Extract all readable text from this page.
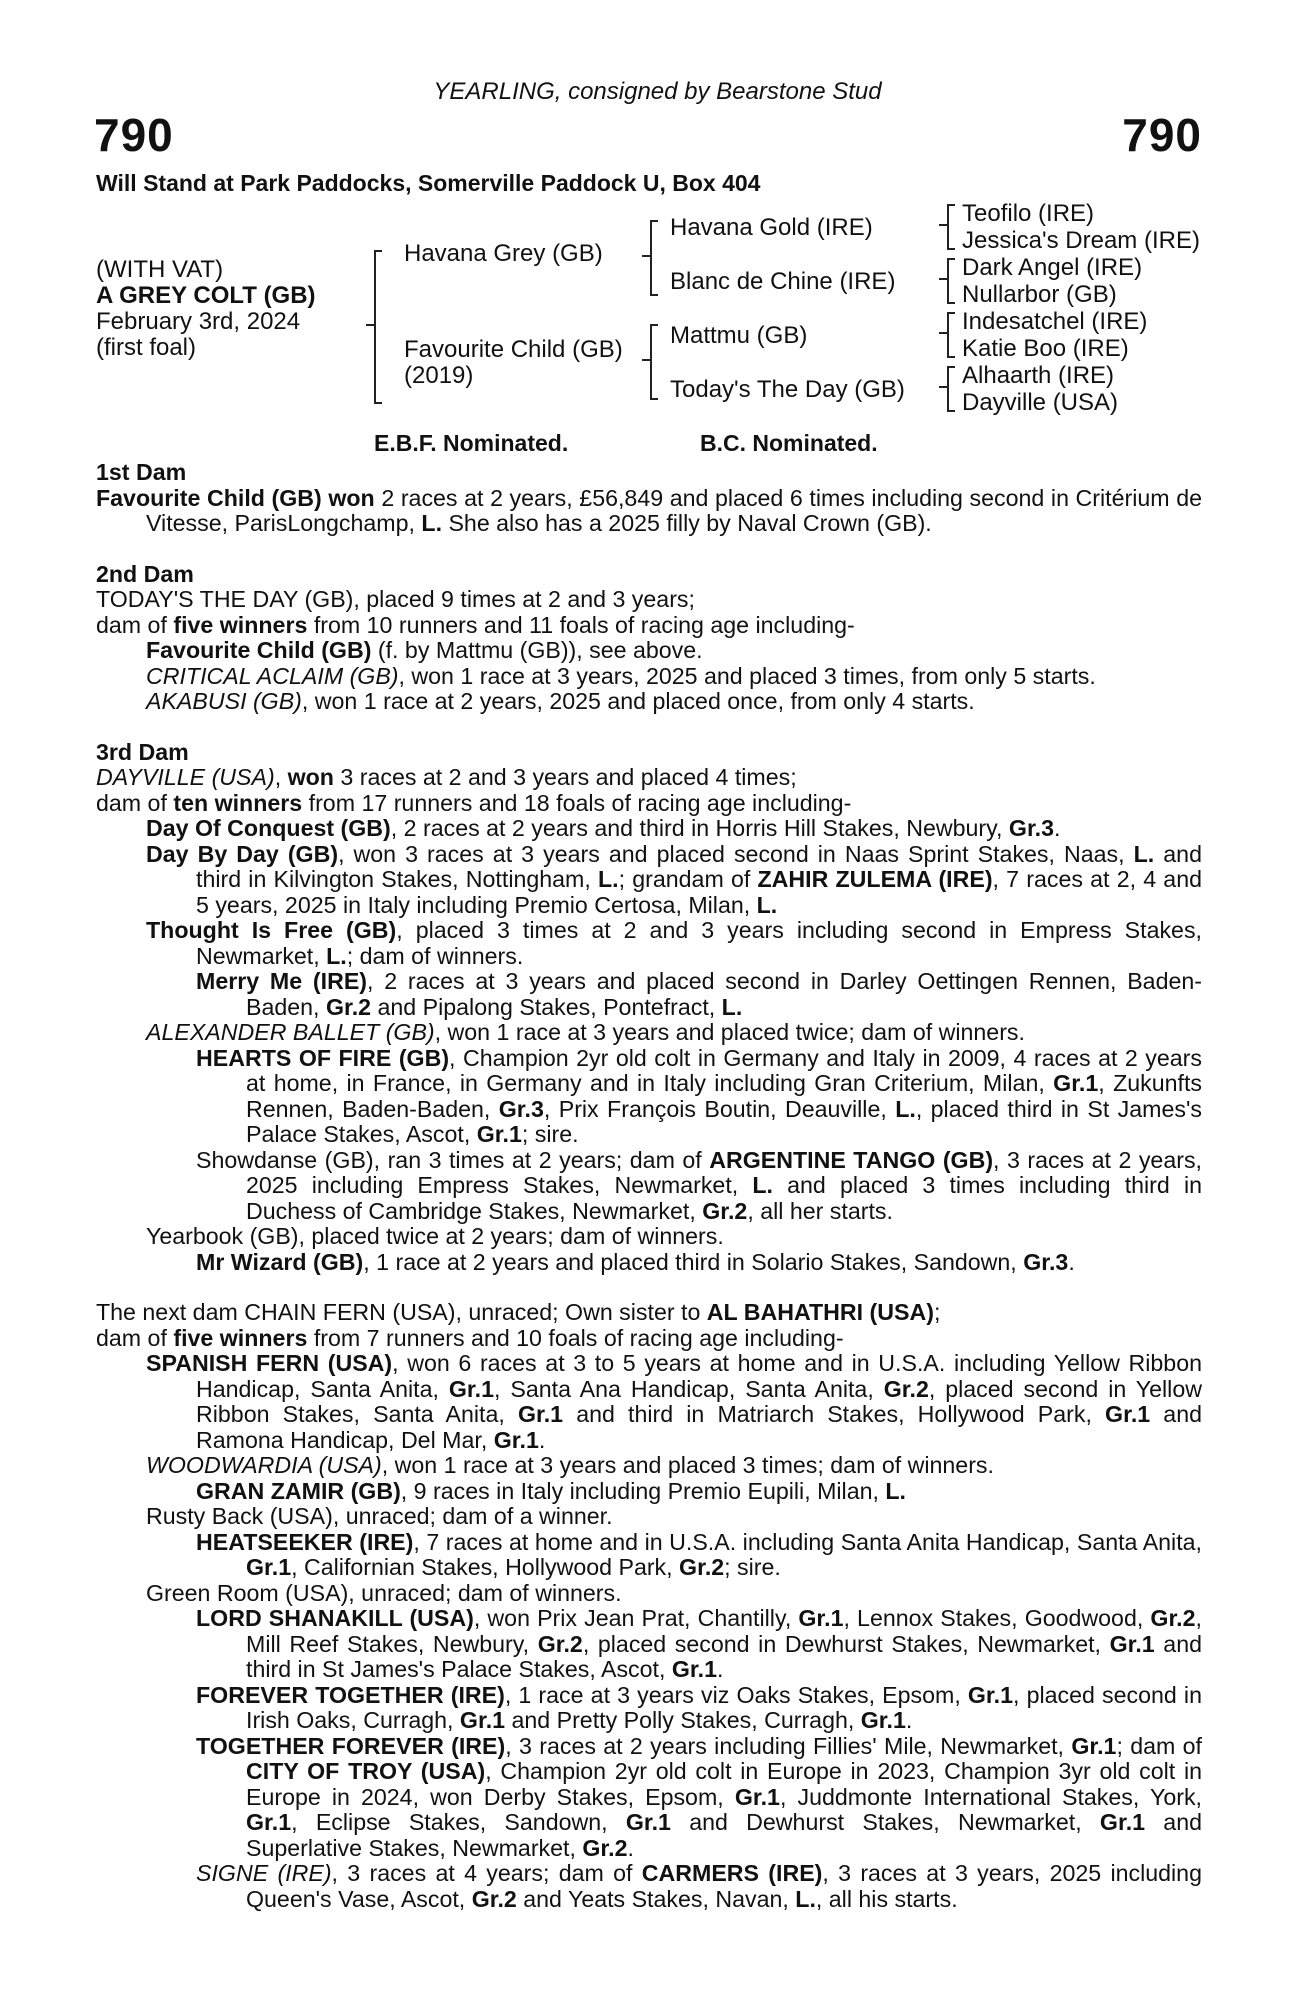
YEARLING, consigned by Bearstone Stud
790	790
Will Stand at Park Paddocks, Somerville Paddock U, Box 404
(WITH VAT)
A GREY COLT (GB)
February 3rd, 2024
(first foal)
Havana Grey (GB)
Favourite Child (GB)
(2019)
Havana Gold (IRE)
Blanc de Chine (IRE)
Mattmu (GB)
Today's The Day (GB)
Teofilo (IRE)
Jessica's Dream (IRE)
Dark Angel (IRE)
Nullarbor (GB)
Indesatchel (IRE)
Katie Boo (IRE)
Alhaarth (IRE)
Dayville (USA)
E.B.F. Nominated.	B.C. Nominated.

1st Dam

Favourite Child (GB) won 2 races at 2 years, £56,849 and placed 6 times including second in Critérium de Vitesse, ParisLongchamp, L. She also has a 2025 filly by Naval Crown (GB).

2nd Dam

TODAY'S THE DAY (GB), placed 9 times at 2 and 3 years;

dam of five winners from 10 runners and 11 foals of racing age including-

Favourite Child (GB) (f. by Mattmu (GB)), see above.

CRITICAL ACLAIM (GB), won 1 race at 3 years, 2025 and placed 3 times, from only 5 starts.

AKABUSI (GB), won 1 race at 2 years, 2025 and placed once, from only 4 starts.

3rd Dam

DAYVILLE (USA), won 3 races at 2 and 3 years and placed 4 times;

dam of ten winners from 17 runners and 18 foals of racing age including-

Day Of Conquest (GB), 2 races at 2 years and third in Horris Hill Stakes, Newbury, Gr.3.

Day By Day (GB), won 3 races at 3 years and placed second in Naas Sprint Stakes, Naas, L. and third in Kilvington Stakes, Nottingham, L.; grandam of ZAHIR ZULEMA (IRE), 7 races at 2, 4 and 5 years, 2025 in Italy including Premio Certosa, Milan, L.

Thought Is Free (GB), placed 3 times at 2 and 3 years including second in Empress Stakes, Newmarket, L.; dam of winners.

Merry Me (IRE), 2 races at 3 years and placed second in Darley Oettingen Rennen, Baden-Baden, Gr.2 and Pipalong Stakes, Pontefract, L.

ALEXANDER BALLET (GB), won 1 race at 3 years and placed twice; dam of winners.

HEARTS OF FIRE (GB), Champion 2yr old colt in Germany and Italy in 2009, 4 races at 2 years at home, in France, in Germany and in Italy including Gran Criterium, Milan, Gr.1, Zukunfts Rennen, Baden-Baden, Gr.3, Prix François Boutin, Deauville, L., placed third in St James's Palace Stakes, Ascot, Gr.1; sire.

Showdanse (GB), ran 3 times at 2 years; dam of ARGENTINE TANGO (GB), 3 races at 2 years, 2025 including Empress Stakes, Newmarket, L. and placed 3 times including third in Duchess of Cambridge Stakes, Newmarket, Gr.2, all her starts.

Yearbook (GB), placed twice at 2 years; dam of winners.

Mr Wizard (GB), 1 race at 2 years and placed third in Solario Stakes, Sandown, Gr.3.

The next dam CHAIN FERN (USA), unraced; Own sister to AL BAHATHRI (USA);

dam of five winners from 7 runners and 10 foals of racing age including-

SPANISH FERN (USA), won 6 races at 3 to 5 years at home and in U.S.A. including Yellow Ribbon Handicap, Santa Anita, Gr.1, Santa Ana Handicap, Santa Anita, Gr.2, placed second in Yellow Ribbon Stakes, Santa Anita, Gr.1 and third in Matriarch Stakes, Hollywood Park, Gr.1 and Ramona Handicap, Del Mar, Gr.1.

WOODWARDIA (USA), won 1 race at 3 years and placed 3 times; dam of winners.

GRAN ZAMIR (GB), 9 races in Italy including Premio Eupili, Milan, L.

Rusty Back (USA), unraced; dam of a winner.

HEATSEEKER (IRE), 7 races at home and in U.S.A. including Santa Anita Handicap, Santa Anita, Gr.1, Californian Stakes, Hollywood Park, Gr.2; sire.

Green Room (USA), unraced; dam of winners.

LORD SHANAKILL (USA), won Prix Jean Prat, Chantilly, Gr.1, Lennox Stakes, Goodwood, Gr.2, Mill Reef Stakes, Newbury, Gr.2, placed second in Dewhurst Stakes, Newmarket, Gr.1 and third in St James's Palace Stakes, Ascot, Gr.1.

FOREVER TOGETHER (IRE), 1 race at 3 years viz Oaks Stakes, Epsom, Gr.1, placed second in Irish Oaks, Curragh, Gr.1 and Pretty Polly Stakes, Curragh, Gr.1.

TOGETHER FOREVER (IRE), 3 races at 2 years including Fillies' Mile, Newmarket, Gr.1; dam of CITY OF TROY (USA), Champion 2yr old colt in Europe in 2023, Champion 3yr old colt in Europe in 2024, won Derby Stakes, Epsom, Gr.1, Juddmonte International Stakes, York, Gr.1, Eclipse Stakes, Sandown, Gr.1 and Dewhurst Stakes, Newmarket, Gr.1 and Superlative Stakes, Newmarket, Gr.2.

SIGNE (IRE), 3 races at 4 years; dam of CARMERS (IRE), 3 races at 3 years, 2025 including Queen's Vase, Ascot, Gr.2 and Yeats Stakes, Navan, L., all his starts.
